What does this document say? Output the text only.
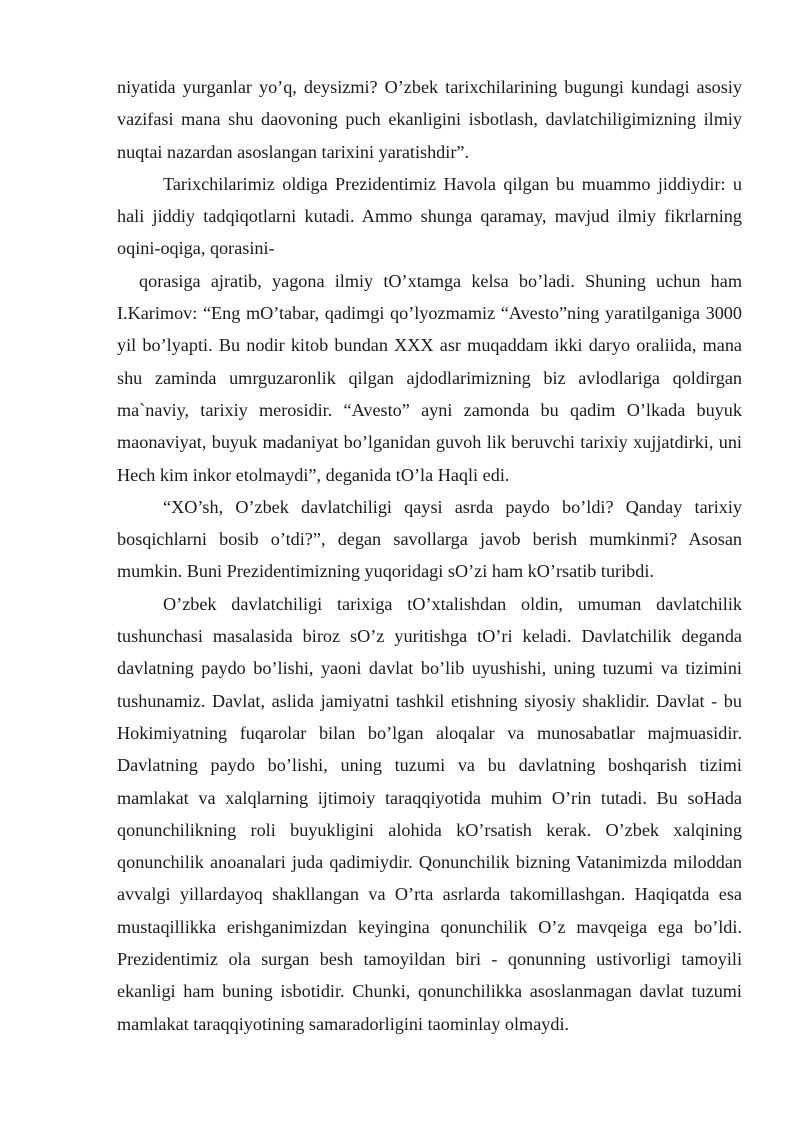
niyatida yurganlar yo’q, deysizmi? O’zbek tarixchilarining bugungi kundagi asosiy vazifasi mana shu daovoning puch ekanligini isbotlash, davlatchiligimizning ilmiy nuqtai nazardan asoslangan tarixini yaratishdir”.

Tarixchilarimiz oldiga Prezidentimiz Havola qilgan bu muammo jiddiydir: u hali jiddiy tadqiqotlarni kutadi. Ammo shunga qaramay, mavjud ilmiy fikrlarning oqini-oqiga, qorasini-

qorasiga ajratib, yagona ilmiy tO’xtamga kelsa bo’ladi. Shuning uchun ham I.Karimov: “Eng mO’tabar, qadimgi qo’lyozmamiz “Avesto”ning yaratilganiga 3000 yil bo’lyapti. Bu nodir kitob bundan XXX asr muqaddam ikki daryo oraliida, mana shu zaminda umrguzaronlik qilgan ajdodlarimizning biz avlodlariga qoldirgan ma`naviy, tarixiy merosidir. “Avesto” ayni zamonda bu qadim O’lkada buyuk maonaviyat, buyuk madaniyat bo’lganidan guvoh lik beruvchi tarixiy xujjatdirki, uni Hech kim inkor etolmaydi”, deganida tO’la Haqli edi.

“XO’sh, O’zbek davlatchiligi qaysi asrda paydo bo’ldi? Qanday tarixiy bosqichlarni bosib o’tdi?”, degan savollarga javob berish mumkinmi? Asosan mumkin. Buni Prezidentimizning yuqoridagi sO’zi ham kO’rsatib turibdi.

O’zbek davlatchiligi tarixiga tO’xtalishdan oldin, umuman davlatchilik tushunchasi masalasida biroz sO’z yuritishga tO’ri keladi. Davlatchilik deganda davlatning paydo bo’lishi, yaoni davlat bo’lib uyushishi, uning tuzumi va tizimini tushunamiz. Davlat, aslida jamiyatni tashkil etishning siyosiy shaklidir. Davlat - bu Hokimiyatning fuqarolar bilan bo’lgan aloqalar va munosabatlar majmuasidir. Davlatning paydo bo’lishi, uning tuzumi va bu davlatning boshqarish tizimi mamlakat va xalqlarning ijtimoiy taraqqiyotida muhim O’rin tutadi. Bu soHada qonunchilikning roli buyukligini alohida kO’rsatish kerak. O’zbek xalqining qonunchilik anoanalari juda qadimiydir. Qonunchilik bizning Vatanimizda miloddan avvalgi yillardayoq shakllangan va O’rta asrlarda takomillashgan. Haqiqatda esa mustaqillikka erishganimizdan keyingina qonunchilik O’z mavqeiga ega bo’ldi. Prezidentimiz ola surgan besh tamoyildan biri - qonunning ustivorligi tamoyili ekanligi ham buning isbotidir. Chunki, qonunchilikka asoslanmagan davlat tuzumi mamlakat taraqqiyotining samaradorligini taominlay olmaydi.
